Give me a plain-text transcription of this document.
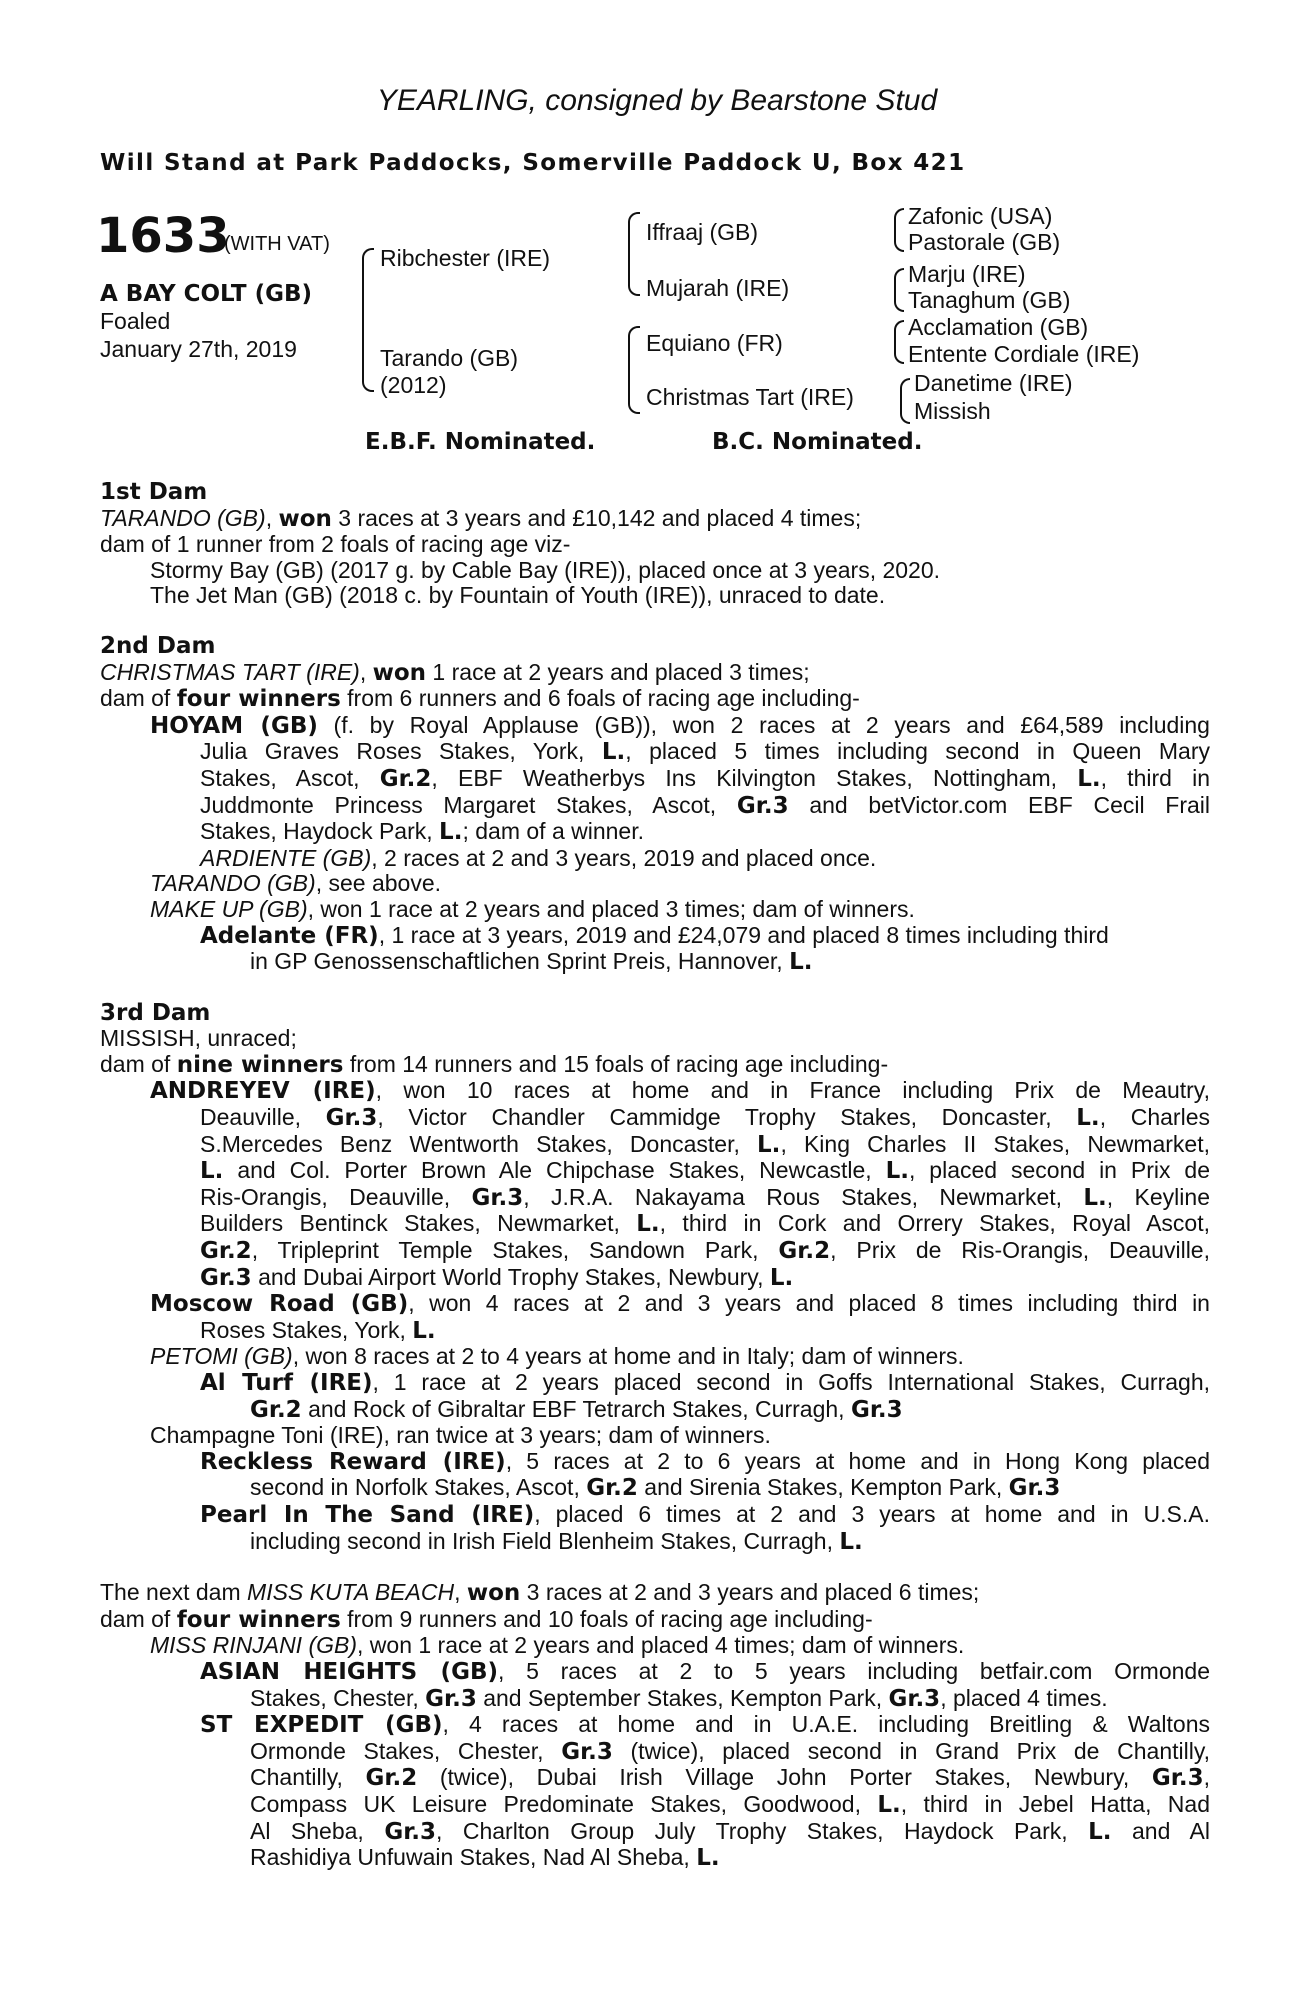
YEARLING, consigned by Bearstone Stud
Will Stand at Park Paddocks, Somerville Paddock U, Box 421
1633
(WITH VAT)
A BAY COLT (GB)
Foaled
January 27th, 2019
Ribchester (IRE)
Tarando (GB)
(2012)
Iffraaj (GB)
Mujarah (IRE)
Equiano (FR)
Christmas Tart (IRE)
Zafonic (USA)
Pastorale (GB)
Marju (IRE)
Tanaghum (GB)
Acclamation (GB)
Entente Cordiale (IRE)
Danetime (IRE)
Missish
E.B.F. Nominated.	B.C. Nominated.
1st Dam
TARANDO (GB), won 3 races at 3 years and £10,142 and placed 4 times;
dam of 1 runner from 2 foals of racing age viz-
Stormy Bay (GB) (2017 g. by Cable Bay (IRE)), placed once at 3 years, 2020.
The Jet Man (GB) (2018 c. by Fountain of Youth (IRE)), unraced to date.
2nd Dam
CHRISTMAS TART (IRE), won 1 race at 2 years and placed 3 times;
dam of four winners from 6 runners and 6 foals of racing age including-
HOYAM (GB) (f. by Royal Applause (GB)), won 2 races at 2 years and £64,589 including
Julia Graves Roses Stakes, York, L., placed 5 times including second in Queen Mary
Stakes, Ascot, Gr.2, EBF Weatherbys Ins Kilvington Stakes, Nottingham, L., third in
Juddmonte Princess Margaret Stakes, Ascot, Gr.3 and betVictor.com EBF Cecil Frail
Stakes, Haydock Park, L.; dam of a winner.
ARDIENTE (GB), 2 races at 2 and 3 years, 2019 and placed once.
TARANDO (GB), see above.
MAKE UP (GB), won 1 race at 2 years and placed 3 times; dam of winners.
Adelante (FR), 1 race at 3 years, 2019 and £24,079 and placed 8 times including third
in GP Genossenschaftlichen Sprint Preis, Hannover, L.
3rd Dam
MISSISH, unraced;
dam of nine winners from 14 runners and 15 foals of racing age including-
ANDREYEV (IRE), won 10 races at home and in France including Prix de Meautry,
Deauville, Gr.3, Victor Chandler Cammidge Trophy Stakes, Doncaster, L., Charles
S.Mercedes Benz Wentworth Stakes, Doncaster, L., King Charles II Stakes, Newmarket,
L. and Col. Porter Brown Ale Chipchase Stakes, Newcastle, L., placed second in Prix de
Ris-Orangis, Deauville, Gr.3, J.R.A. Nakayama Rous Stakes, Newmarket, L., Keyline
Builders Bentinck Stakes, Newmarket, L., third in Cork and Orrery Stakes, Royal Ascot,
Gr.2, Tripleprint Temple Stakes, Sandown Park, Gr.2, Prix de Ris-Orangis, Deauville,
Gr.3 and Dubai Airport World Trophy Stakes, Newbury, L.
Moscow Road (GB), won 4 races at 2 and 3 years and placed 8 times including third in
Roses Stakes, York, L.
PETOMI (GB), won 8 races at 2 to 4 years at home and in Italy; dam of winners.
Al Turf (IRE), 1 race at 2 years placed second in Goffs International Stakes, Curragh,
Gr.2 and Rock of Gibraltar EBF Tetrarch Stakes, Curragh, Gr.3
Champagne Toni (IRE), ran twice at 3 years; dam of winners.
Reckless Reward (IRE), 5 races at 2 to 6 years at home and in Hong Kong placed
second in Norfolk Stakes, Ascot, Gr.2 and Sirenia Stakes, Kempton Park, Gr.3
Pearl In The Sand (IRE), placed 6 times at 2 and 3 years at home and in U.S.A.
including second in Irish Field Blenheim Stakes, Curragh, L.
The next dam MISS KUTA BEACH, won 3 races at 2 and 3 years and placed 6 times;
dam of four winners from 9 runners and 10 foals of racing age including-
MISS RINJANI (GB), won 1 race at 2 years and placed 4 times; dam of winners.
ASIAN HEIGHTS (GB), 5 races at 2 to 5 years including betfair.com Ormonde
Stakes, Chester, Gr.3 and September Stakes, Kempton Park, Gr.3, placed 4 times.
ST EXPEDIT (GB), 4 races at home and in U.A.E. including Breitling & Waltons
Ormonde Stakes, Chester, Gr.3 (twice), placed second in Grand Prix de Chantilly,
Chantilly, Gr.2 (twice), Dubai Irish Village John Porter Stakes, Newbury, Gr.3,
Compass UK Leisure Predominate Stakes, Goodwood, L., third in Jebel Hatta, Nad
Al Sheba, Gr.3, Charlton Group July Trophy Stakes, Haydock Park, L. and Al
Rashidiya Unfuwain Stakes, Nad Al Sheba, L.
